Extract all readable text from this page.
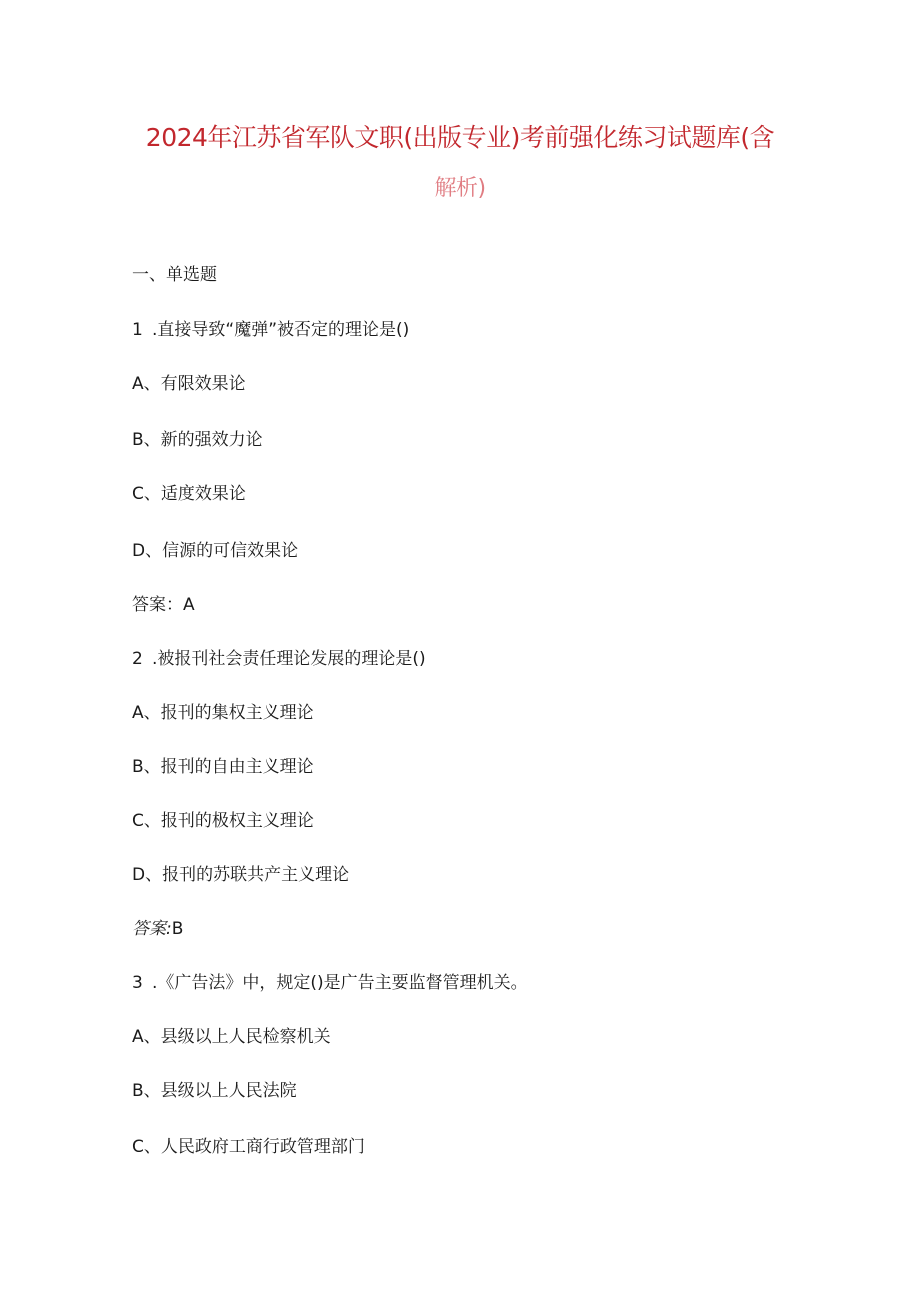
2024年江苏省军队文职(出版专业)考前强化练习试题库(含
解析)
一、单选题
1 .直接导致“魔弹”被否定的理论是()
A、有限效果论
B、新的强效力论
C、适度效果论
D、信源的可信效果论
答案：A
2 .被报刊社会责任理论发展的理论是()
A、报刊的集权主义理论
B、报刊的自由主义理论
C、报刊的极权主义理论
D、报刊的苏联共产主义理论
答案:B
3 .《广告法》中，规定()是广告主要监督管理机关。
A、县级以上人民检察机关
B、县级以上人民法院
C、人民政府工商行政管理部门
